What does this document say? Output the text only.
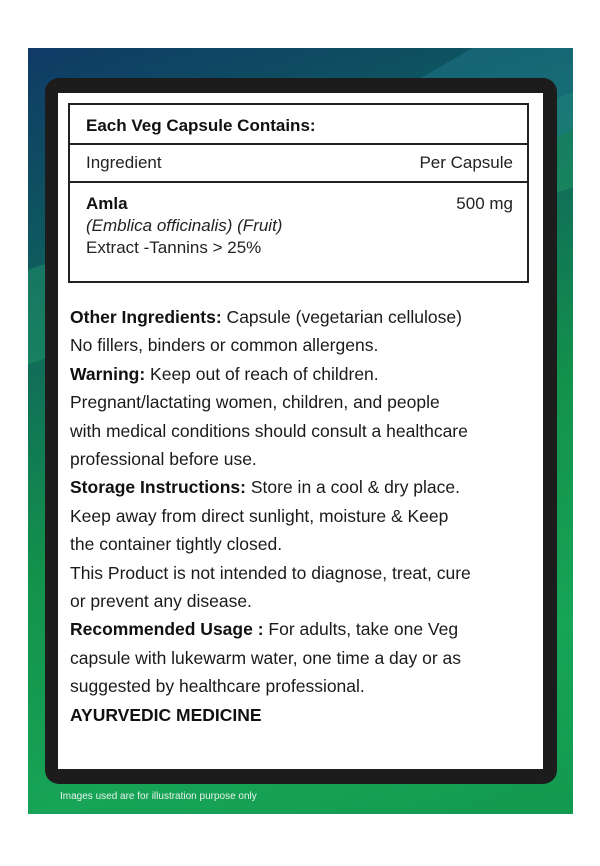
Each Veg Capsule Contains:
Ingredient	Per Capsule
Amla
(Emblica officinalis) (Fruit)
Extract -Tannins > 25%
500 mg

Other Ingredients: Capsule (vegetarian cellulose)

No fillers, binders or common allergens.

Warning: Keep out of reach of children.

Pregnant/lactating women, children, and people

with medical conditions should consult a healthcare

professional before use.

Storage Instructions: Store in a cool & dry place.

Keep away from direct sunlight, moisture & Keep

the container tightly closed.

This Product is not intended to diagnose, treat, cure

or prevent any disease.

Recommended Usage : For adults, take one Veg

capsule with lukewarm water, one time a day or as

suggested by healthcare professional.

AYURVEDIC MEDICINE

Images used are for illustration purpose only
